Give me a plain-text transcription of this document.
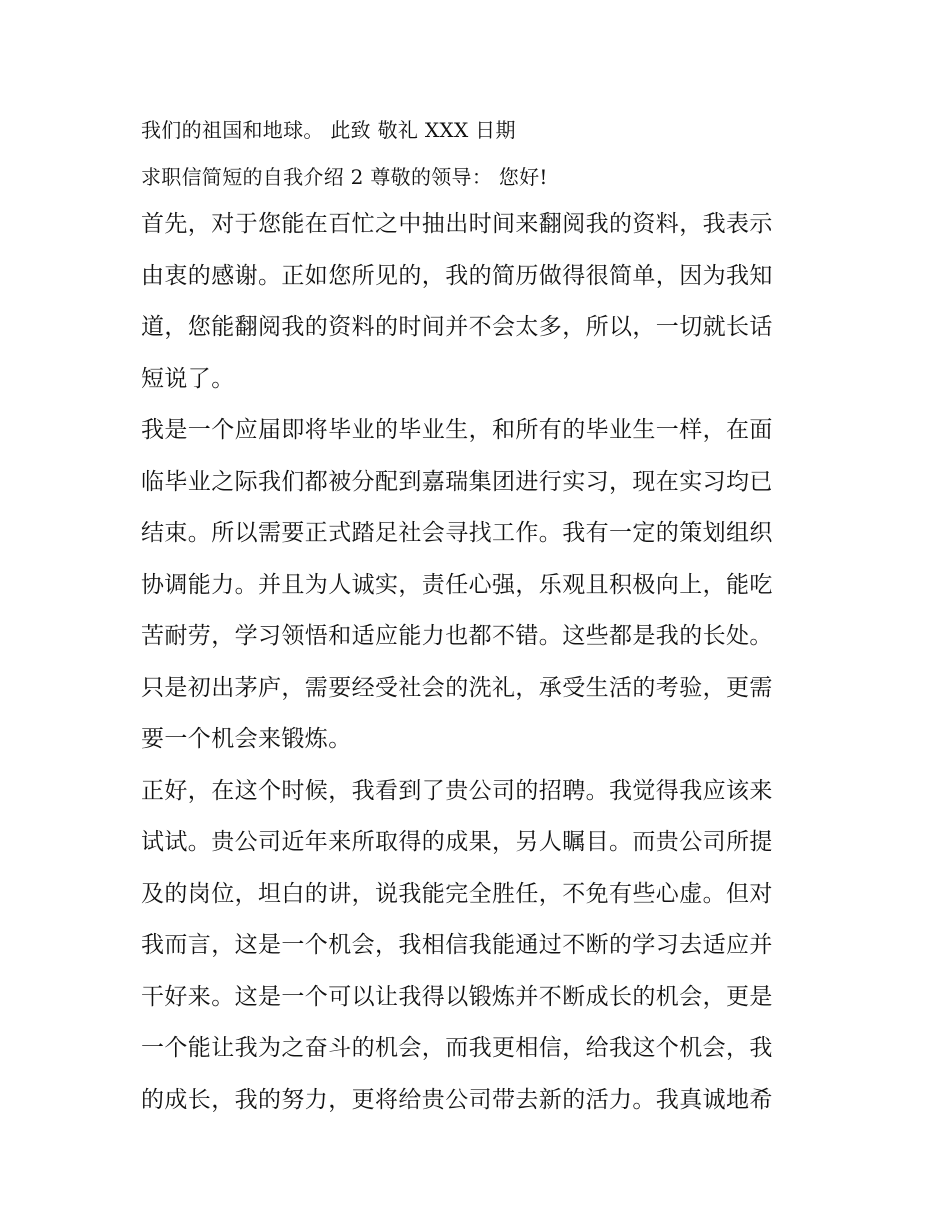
我们的祖国和地球。 此致 敬礼 XXX 日期
求职信简短的自我介绍 2 尊敬的领导： 您好!
首先，对于您能在百忙之中抽出时间来翻阅我的资料，我表示
由衷的感谢。正如您所见的，我的简历做得很简单，因为我知
道，您能翻阅我的资料的时间并不会太多，所以，一切就长话
短说了。
我是一个应届即将毕业的毕业生，和所有的毕业生一样，在面
临毕业之际我们都被分配到嘉瑞集团进行实习，现在实习均已
结束。所以需要正式踏足社会寻找工作。我有一定的策划组织
协调能力。并且为人诚实，责任心强，乐观且积极向上，能吃
苦耐劳，学习领悟和适应能力也都不错。这些都是我的长处。
只是初出茅庐，需要经受社会的洗礼，承受生活的考验，更需
要一个机会来锻炼。
正好，在这个时候，我看到了贵公司的招聘。我觉得我应该来
试试。贵公司近年来所取得的成果，另人瞩目。而贵公司所提
及的岗位，坦白的讲，说我能完全胜任，不免有些心虚。但对
我而言，这是一个机会，我相信我能通过不断的学习去适应并
干好来。这是一个可以让我得以锻炼并不断成长的机会，更是
一个能让我为之奋斗的机会，而我更相信，给我这个机会，我
的成长，我的努力，更将给贵公司带去新的活力。我真诚地希
